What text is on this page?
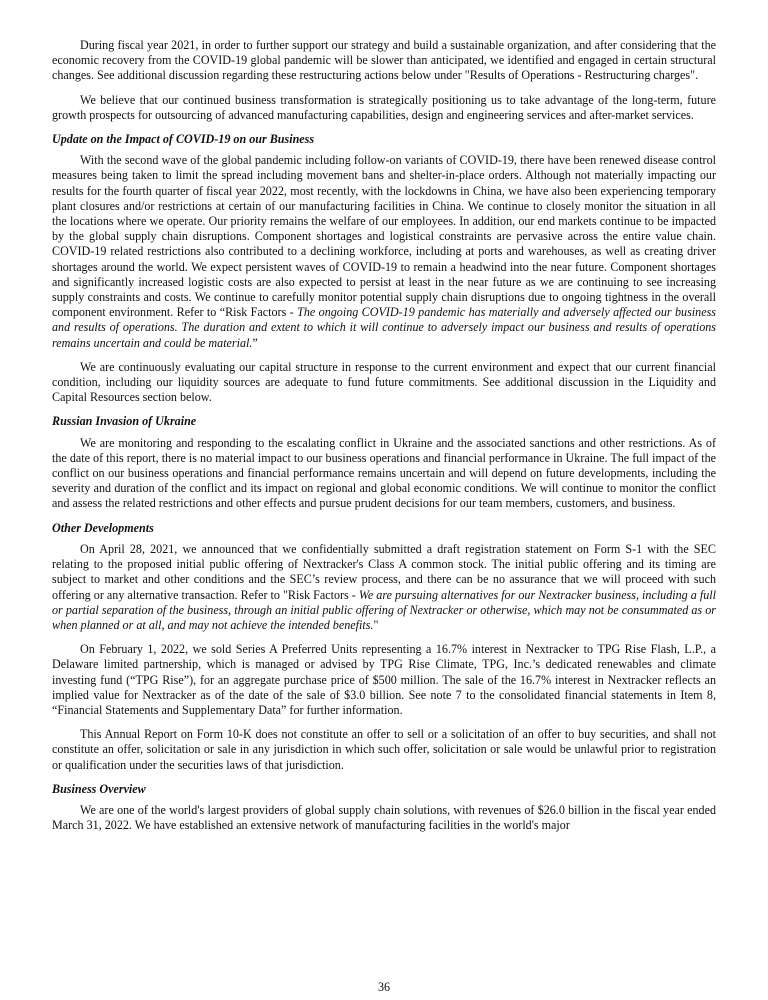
During fiscal year 2021, in order to further support our strategy and build a sustainable organization, and after considering that the economic recovery from the COVID-19 global pandemic will be slower than anticipated, we identified and engaged in certain structural changes. See additional discussion regarding these restructuring actions below under "Results of Operations - Restructuring charges".

We believe that our continued business transformation is strategically positioning us to take advantage of the long-term, future growth prospects for outsourcing of advanced manufacturing capabilities, design and engineering services and after-market services.

Update on the Impact of COVID-19 on our Business

With the second wave of the global pandemic including follow-on variants of COVID-19, there have been renewed disease control measures being taken to limit the spread including movement bans and shelter-in-place orders. Although not materially impacting our results for the fourth quarter of fiscal year 2022, most recently, with the lockdowns in China, we have also been experiencing temporary plant closures and/or restrictions at certain of our manufacturing facilities in China. We continue to closely monitor the situation in all the locations where we operate. Our priority remains the welfare of our employees. In addition, our end markets continue to be impacted by the global supply chain disruptions. Component shortages and logistical constraints are pervasive across the entire value chain. COVID-19 related restrictions also contributed to a declining workforce, including at ports and warehouses, as well as creating driver shortages around the world. We expect persistent waves of COVID-19 to remain a headwind into the near future. Component shortages and significantly increased logistic costs are also expected to persist at least in the near future as we are continuing to see increasing supply constraints and costs. We continue to carefully monitor potential supply chain disruptions due to ongoing tightness in the overall component environment. Refer to “Risk Factors - The ongoing COVID-19 pandemic has materially and adversely affected our business and results of operations. The duration and extent to which it will continue to adversely impact our business and results of operations remains uncertain and could be material.”

We are continuously evaluating our capital structure in response to the current environment and expect that our current financial condition, including our liquidity sources are adequate to fund future commitments. See additional discussion in the Liquidity and Capital Resources section below.

Russian Invasion of Ukraine

We are monitoring and responding to the escalating conflict in Ukraine and the associated sanctions and other restrictions. As of the date of this report, there is no material impact to our business operations and financial performance in Ukraine. The full impact of the conflict on our business operations and financial performance remains uncertain and will depend on future developments, including the severity and duration of the conflict and its impact on regional and global economic conditions. We will continue to monitor the conflict and assess the related restrictions and other effects and pursue prudent decisions for our team members, customers, and business.

Other Developments

On April 28, 2021, we announced that we confidentially submitted a draft registration statement on Form S-1 with the SEC relating to the proposed initial public offering of Nextracker's Class A common stock. The initial public offering and its timing are subject to market and other conditions and the SEC’s review process, and there can be no assurance that we will proceed with such offering or any alternative transaction. Refer to "Risk Factors - We are pursuing alternatives for our Nextracker business, including a full or partial separation of the business, through an initial public offering of Nextracker or otherwise, which may not be consummated as or when planned or at all, and may not achieve the intended benefits."

On February 1, 2022, we sold Series A Preferred Units representing a 16.7% interest in Nextracker to TPG Rise Flash, L.P., a Delaware limited partnership, which is managed or advised by TPG Rise Climate, TPG, Inc.’s dedicated renewables and climate investing fund (“TPG Rise”), for an aggregate purchase price of $500 million. The sale of the 16.7% interest in Nextracker reflects an implied value for Nextracker as of the date of the sale of $3.0 billion. See note 7 to the consolidated financial statements in Item 8, “Financial Statements and Supplementary Data” for further information.

This Annual Report on Form 10-K does not constitute an offer to sell or a solicitation of an offer to buy securities, and shall not constitute an offer, solicitation or sale in any jurisdiction in which such offer, solicitation or sale would be unlawful prior to registration or qualification under the securities laws of that jurisdiction.

Business Overview

We are one of the world's largest providers of global supply chain solutions, with revenues of $26.0 billion in the fiscal year ended March 31, 2022. We have established an extensive network of manufacturing facilities in the world's major

36
